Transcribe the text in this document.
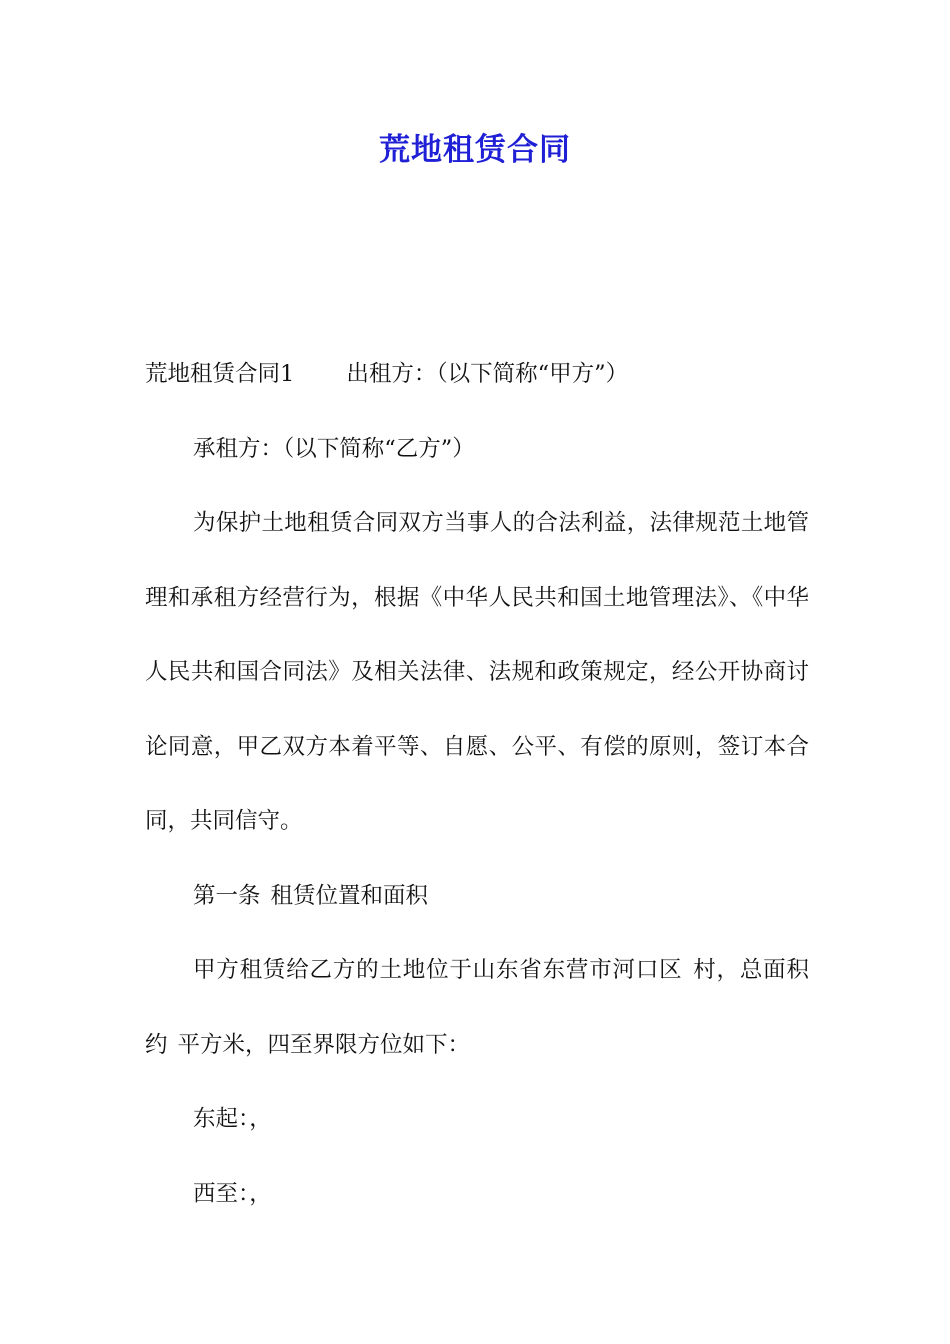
荒地租赁合同

荒地租赁合同1 出租方：（以下简称“甲方”）

承租方：（以下简称“乙方”）

为保护土地租赁合同双方当事人的合法利益，法律规范土地管理和承租方经营行为，根据《中华人民共和国土地管理法》、《中华人民共和国合同法》及相关法律、法规和政策规定，经公开协商讨论同意，甲乙双方本着平等、自愿、公平、有偿的原则，签订本合同，共同信守。

第一条 租赁位置和面积

甲方租赁给乙方的土地位于山东省东营市河口区 村，总面积约 平方米，四至界限方位如下：

东起：，

西至：，
